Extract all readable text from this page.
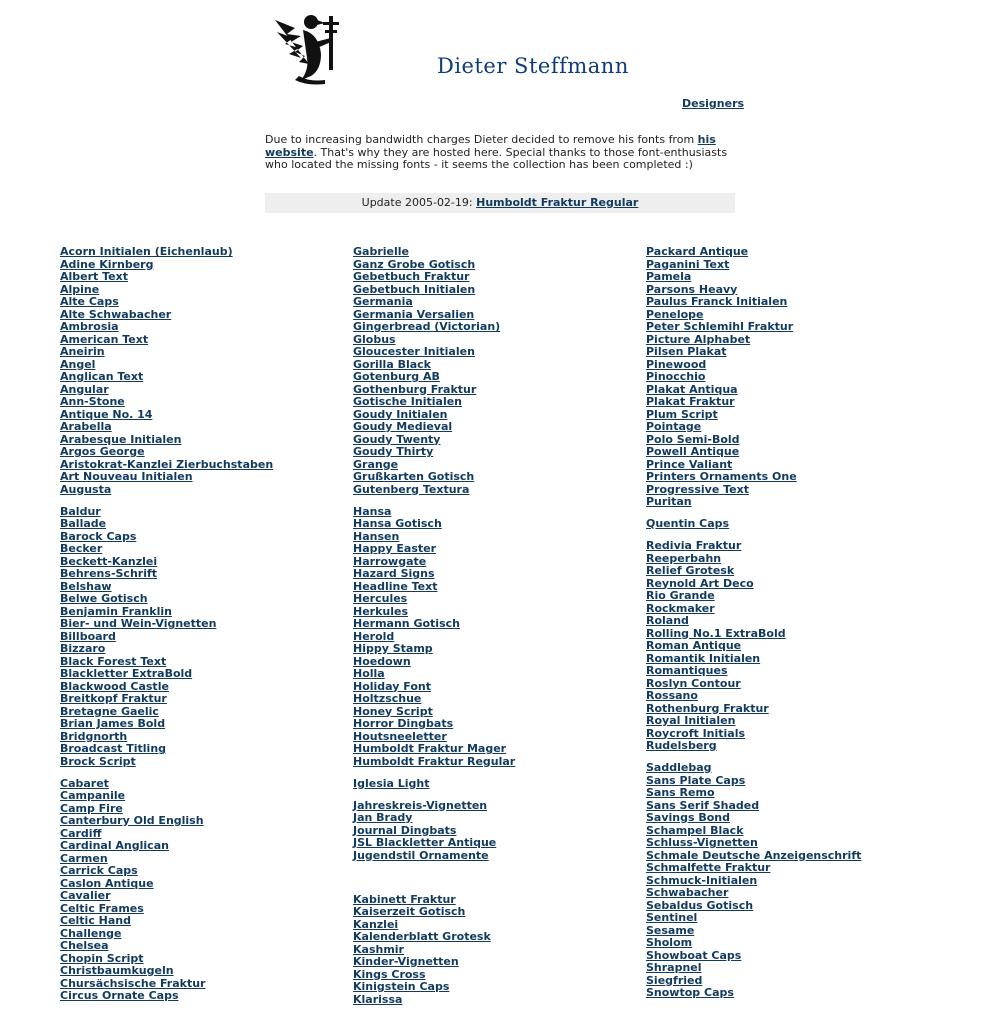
Dieter Steffmann
Designers
Due to increasing bandwidth charges Dieter decided to remove his fonts from his website. That's why they are hosted here. Special thanks to those font-enthusiasts who located the missing fonts - it seems the collection has been completed :)
Update 2005-02-19: Humboldt Fraktur Regular
Acorn Initialen (Eichenlaub)
Adine Kirnberg
Albert Text
Alpine
Alte Caps
Alte Schwabacher
Ambrosia
American Text
Aneirin
Angel
Anglican Text
Angular
Ann-Stone
Antique No. 14
Arabella
Arabesque Initialen
Argos George
Aristokrat-Kanzlei Zierbuchstaben
Art Nouveau Initialen
Augusta
Baldur
Ballade
Barock Caps
Becker
Beckett-Kanzlei
Behrens-Schrift
Belshaw
Belwe Gotisch
Benjamin Franklin
Bier- und Wein-Vignetten
Billboard
Bizzaro
Black Forest Text
Blackletter ExtraBold
Blackwood Castle
Breitkopf Fraktur
Bretagne Gaelic
Brian James Bold
Bridgnorth
Broadcast Titling
Brock Script
Cabaret
Campanile
Camp Fire
Canterbury Old English
Cardiff
Cardinal Anglican
Carmen
Carrick Caps
Caslon Antique
Cavalier
Celtic Frames
Celtic Hand
Challenge
Chelsea
Chopin Script
Christbaumkugeln
Chursächsische Fraktur
Circus Ornate Caps
Gabrielle
Ganz Grobe Gotisch
Gebetbuch Fraktur
Gebetbuch Initialen
Germania
Germania Versalien
Gingerbread (Victorian)
Globus
Gloucester Initialen
Gorilla Black
Gotenburg AB
Gothenburg Fraktur
Gotische Initialen
Goudy Initialen
Goudy Medieval
Goudy Twenty
Goudy Thirty
Grange
Grußkarten Gotisch
Gutenberg Textura
Hansa
Hansa Gotisch
Hansen
Happy Easter
Harrowgate
Hazard Signs
Headline Text
Hercules
Herkules
Hermann Gotisch
Herold
Hippy Stamp
Hoedown
Holla
Holiday Font
Holtzschue
Honey Script
Horror Dingbats
Houtsneeletter
Humboldt Fraktur Mager
Humboldt Fraktur Regular
Iglesia Light
Jahreskreis-Vignetten
Jan Brady
Journal Dingbats
JSL Blackletter Antique
Jugendstil Ornamente
Kabinett Fraktur
Kaiserzeit Gotisch
Kanzlei
Kalenderblatt Grotesk
Kashmir
Kinder-Vignetten
Kings Cross
Kinigstein Caps
Klarissa
Packard Antique
Paganini Text
Pamela
Parsons Heavy
Paulus Franck Initialen
Penelope
Peter Schlemihl Fraktur
Picture Alphabet
Pilsen Plakat
Pinewood
Pinocchio
Plakat Antiqua
Plakat Fraktur
Plum Script
Pointage
Polo Semi-Bold
Powell Antique
Prince Valiant
Printers Ornaments One
Progressive Text
Puritan
Quentin Caps
Redivia Fraktur
Reeperbahn
Relief Grotesk
Reynold Art Deco
Rio Grande
Rockmaker
Roland
Rolling No.1 ExtraBold
Roman Antique
Romantik Initialen
Romantiques
Roslyn Contour
Rossano
Rothenburg Fraktur
Royal Initialen
Roycroft Initials
Rudelsberg
Saddlebag
Sans Plate Caps
Sans Remo
Sans Serif Shaded
Savings Bond
Schampel Black
Schluss-Vignetten
Schmale Deutsche Anzeigenschrift
Schmalfette Fraktur
Schmuck-Initialen
Schwabacher
Sebaldus Gotisch
Sentinel
Sesame
Sholom
Showboat Caps
Shrapnel
Siegfried
Snowtop Caps
